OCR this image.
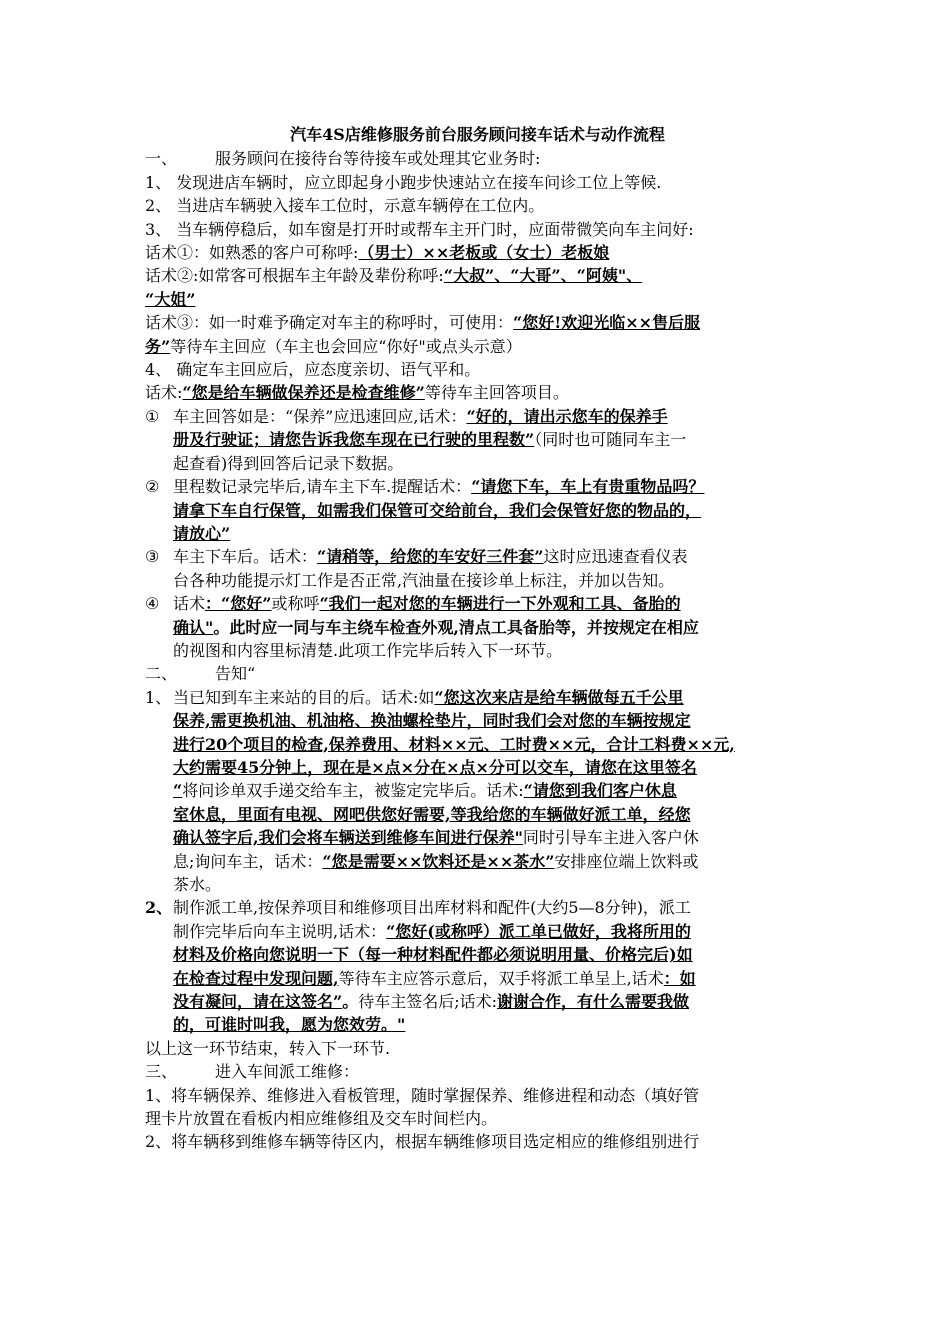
汽车4S店维修服务前台服务顾问接车话术与动作流程
一、 服务顾问在接待台等待接车或处理其它业务时:
1、 发现进店车辆时，应立即起身小跑步快速站立在接车问诊工位上等候.
2、 当进店车辆驶入接车工位时，示意车辆停在工位内。
3、 当车辆停稳后，如车窗是打开时或帮车主开门时，应面带微笑向车主问好:
话术①：如熟悉的客户可称呼:（男士）××老板或（女士）老板娘
话术②:如常客可根据车主年龄及辈份称呼:“大叔”、“大哥”、“阿姨"、
“大姐”
话术③：如一时难予确定对车主的称呼时，可使用：“您好!欢迎光临××售后服
务”等待车主回应（车主也会回应“你好"或点头示意）
4、 确定车主回应后，应态度亲切、语气平和。
话术:“您是给车辆做保养还是检查维修”等待车主回答项目。
① 车主回答如是：“保养”应迅速回应,话术：“好的，请出示您车的保养手
册及行驶证；请您告诉我您车现在已行驶的里程数”（同时也可随同车主一
起查看)得到回答后记录下数据。
② 里程数记录完毕后,请车主下车.提醒话术：“请您下车，车上有贵重物品吗？
请拿下车自行保管，如需我们保管可交给前台，我们会保管好您的物品的，
请放心”
③ 车主下车后。话术：“请稍等，给您的车安好三件套”这时应迅速查看仪表
台各种功能提示灯工作是否正常,汽油量在接诊单上标注，并加以告知。
④ 话术：“您好”或称呼“我们一起对您的车辆进行一下外观和工具、备胎的
确认"。此时应一同与车主绕车检查外观,清点工具备胎等，并按规定在相应
的视图和内容里标清楚.此项工作完毕后转入下一环节。
二、 告知“
1、 当已知到车主来站的目的后。话术:如“您这次来店是给车辆做每五千公里
保养,需更换机油、机油格、换油螺栓垫片，同时我们会对您的车辆按规定
进行20个项目的检查,保养费用、材料××元、工时费××元，合计工料费××元,
大约需要45分钟上，现在是×点×分在×点×分可以交车，请您在这里签名
“将问诊单双手递交给车主，被鉴定完毕后。话术:“请您到我们客户休息
室休息，里面有电视、网吧供您好需要,等我给您的车辆做好派工单，经您
确认签字后,我们会将车辆送到维修车间进行保养"同时引导车主进入客户休
息;询问车主，话术：“您是需要××饮料还是××茶水”安排座位端上饮料或
茶水。
2、 制作派工单,按保养项目和维修项目出库材料和配件(大约5—8分钟)，派工
制作完毕后向车主说明,话术：“您好(或称呼）派工单已做好，我将所用的
材料及价格向您说明一下（每一种材料配件都必须说明用量、价格完后)如
在检查过程中发现问题,等待车主应答示意后，双手将派工单呈上,话术：如
没有凝问，请在这签名”。待车主签名后;话术:谢谢合作，有什么需要我做
的，可谁时叫我，愿为您效劳。"
以上这一环节结束，转入下一环节.
三、 进入车间派工维修：
1、将车辆保养、维修进入看板管理，随时掌握保养、维修进程和动态（填好管
理卡片放置在看板内相应维修组及交车时间栏内。
2、将车辆移到维修车辆等待区内，根据车辆维修项目选定相应的维修组别进行
